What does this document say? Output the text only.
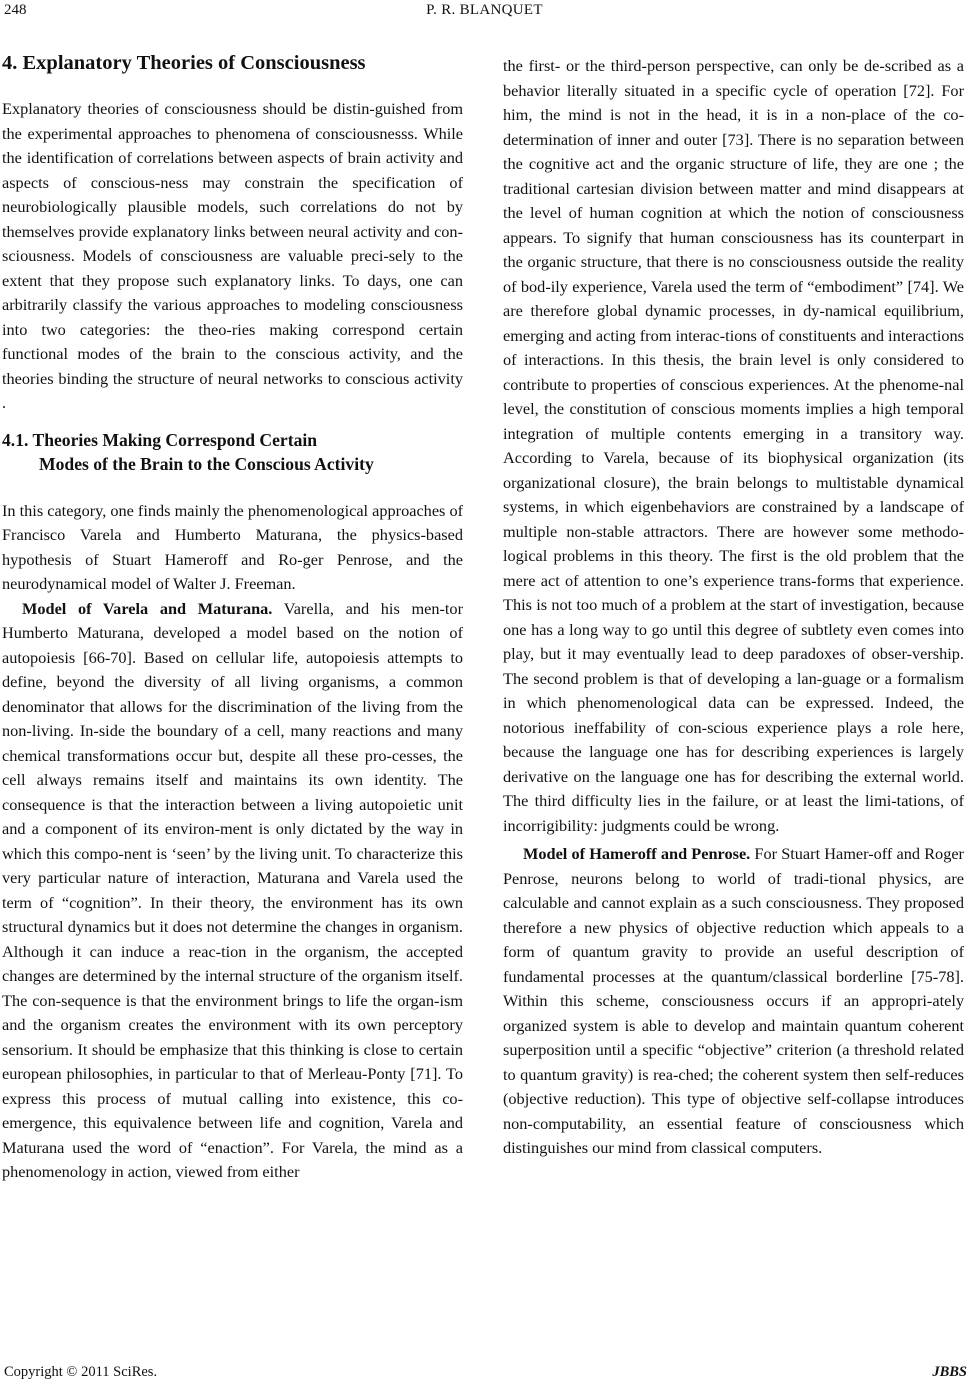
248	P. R. BLANQUET
4. Explanatory Theories of Consciousness

Explanatory theories of consciousness should be distin-guished from the experimental approaches to phenomena of consciousnesss. While the identification of correlations between aspects of brain activity and aspects of conscious-ness may constrain the specification of neurobiologically plausible models, such correlations do not by themselves provide explanatory links between neural activity and con-sciousness. Models of consciousness are valuable preci-sely to the extent that they propose such explanatory links. To days, one can arbitrarily classify the various approaches to modeling consciousness into two categories: the theo-ries making correspond certain functional modes of the brain to the conscious activity, and the theories binding the structure of neural networks to conscious activity .

4.1. Theories Making Correspond Certain
Modes of the Brain to the Conscious Activity

In this category, one finds mainly the phenomenological approaches of Francisco Varela and Humberto Maturana, the physics-based hypothesis of Stuart Hameroff and Ro-ger Penrose, and the neurodynamical model of Walter J. Freeman.

Model of Varela and Maturana. Varella, and his men-tor Humberto Maturana, developed a model based on the notion of autopoiesis [66-70]. Based on cellular life, autopoiesis attempts to define, beyond the diversity of all living organisms, a common denominator that allows for the discrimination of the living from the non-living. In-side the boundary of a cell, many reactions and many chemical transformations occur but, despite all these pro-cesses, the cell always remains itself and maintains its own identity. The consequence is that the interaction between a living autopoietic unit and a component of its environ-ment is only dictated by the way in which this compo-nent is ‘seen’ by the living unit. To characterize this very particular nature of interaction, Maturana and Varela used the term of “cognition”. In their theory, the environment has its own structural dynamics but it does not determine the changes in organism. Although it can induce a reac-tion in the organism, the accepted changes are determined by the internal structure of the organism itself. The con-sequence is that the environment brings to life the organ-ism and the organism creates the environment with its own perceptory sensorium. It should be emphasize that this thinking is close to certain european philosophies, in particular to that of Merleau-Ponty [71]. To express this process of mutual calling into existence, this co-emergence, this equivalence between life and cognition, Varela and Maturana used the word of “enaction”. For Varela, the mind as a phenomenology in action, viewed from either

the first- or the third-person perspective, can only be de-scribed as a behavior literally situated in a specific cycle of operation [72]. For him, the mind is not in the head, it is in a non-place of the co-determination of inner and outer [73]. There is no separation between the cognitive act and the organic structure of life, they are one ; the traditional cartesian division between matter and mind disappears at the level of human cognition at which the notion of consciousness appears. To signify that human consciousness has its counterpart in the organic structure, that there is no consciousness outside the reality of bod-ily experience, Varela used the term of “embodiment” [74]. We are therefore global dynamic processes, in dy-namical equilibrium, emerging and acting from interac-tions of constituents and interactions of interactions. In this thesis, the brain level is only considered to contribute to properties of conscious experiences. At the phenome-nal level, the constitution of conscious moments implies a high temporal integration of multiple contents emerging in a transitory way. According to Varela, because of its biophysical organization (its organizational closure), the brain belongs to multistable dynamical systems, in which eigenbehaviors are constrained by a landscape of multiple non-stable attractors. There are however some methodo-logical problems in this theory. The first is the old problem that the mere act of attention to one’s experience trans-forms that experience. This is not too much of a problem at the start of investigation, because one has a long way to go until this degree of subtlety even comes into play, but it may eventually lead to deep paradoxes of obser-vership. The second problem is that of developing a lan-guage or a formalism in which phenomenological data can be expressed. Indeed, the notorious ineffability of con-scious experience plays a role here, because the language one has for describing experiences is largely derivative on the language one has for describing the external world. The third difficulty lies in the failure, or at least the limi-tations, of incorrigibility: judgments could be wrong.

Model of Hameroff and Penrose. For Stuart Hamer-off and Roger Penrose, neurons belong to world of tradi-tional physics, are calculable and cannot explain as a such consciousness. They proposed therefore a new physics of objective reduction which appeals to a form of quantum gravity to provide an useful description of fundamental processes at the quantum/classical borderline [75-78]. Within this scheme, consciousness occurs if an appropri-ately organized system is able to develop and maintain quantum coherent superposition until a specific “objective” criterion (a threshold related to quantum gravity) is rea-ched; the coherent system then self-reduces (objective reduction). This type of objective self-collapse introduces non-computability, an essential feature of consciousness which distinguishes our mind from classical computers.

Copyright © 2011 SciRes.	JBBS
